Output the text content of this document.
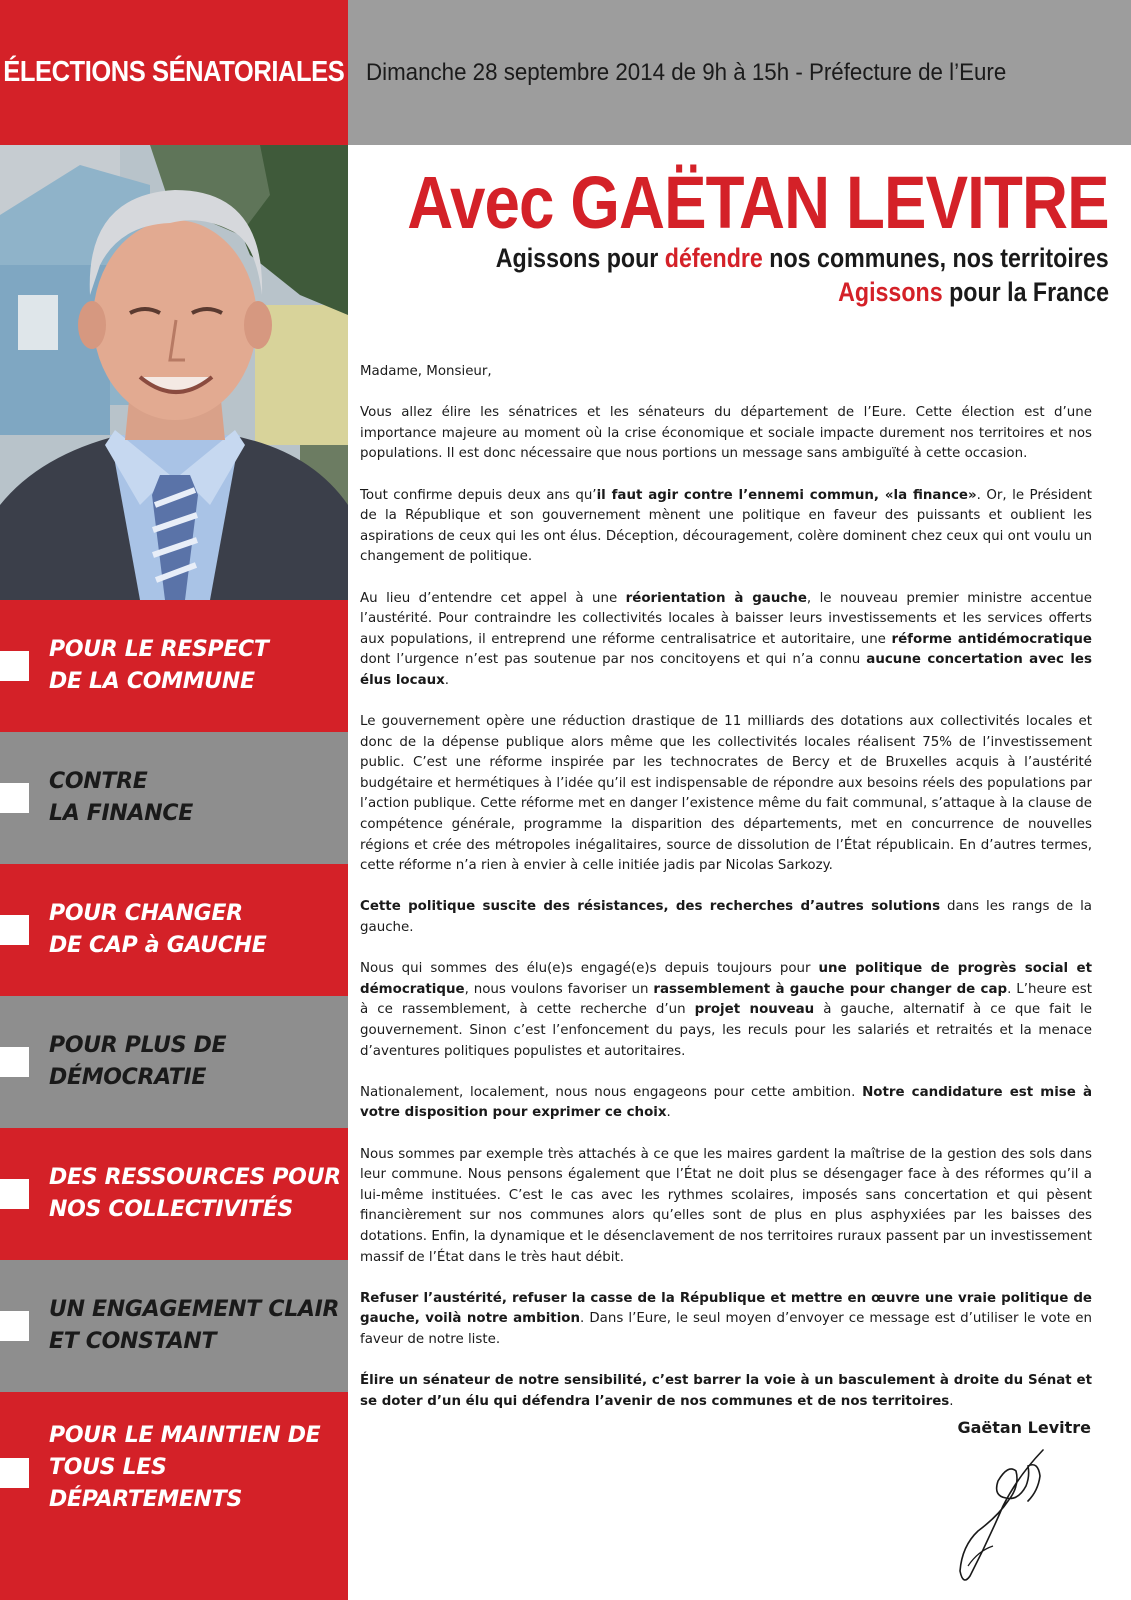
ÉLECTIONS SÉNATORIALES Dimanche 28 septembre 2014 de 9h à 15h - Préfecture de l’Eure
POUR LE RESPECT
DE LA COMMUNE
CONTRE
LA FINANCE
POUR CHANGER
DE CAP à GAUCHE
POUR PLUS DE
DÉMOCRATIE
DES RESSOURCES POUR
NOS COLLECTIVITÉS
UN ENGAGEMENT CLAIR
ET CONSTANT
POUR LE MAINTIEN DE
TOUS LES
DÉPARTEMENTS
Avec GAËTAN LEVITRE
Agissons pour défendre nos communes, nos territoires
Agissons pour la France

Madame, Monsieur,

Vous allez élire les sénatrices et les sénateurs du département de l’Eure. Cette élection est d’une importance majeure au moment où la crise économique et sociale impacte durement nos territoires et nos populations. Il est donc nécessaire que nous portions un message sans ambiguïté à cette occasion.

Tout confirme depuis deux ans qu’il faut agir contre l’ennemi commun, «la finance». Or, le Président de la République et son gouvernement mènent une politique en faveur des puissants et oublient les aspirations de ceux qui les ont élus. Déception, découragement, colère dominent chez ceux qui ont voulu un changement de politique.

Au lieu d’entendre cet appel à une réorientation à gauche, le nouveau premier ministre accentue l’austérité. Pour contraindre les collectivités locales à baisser leurs investissements et les services offerts aux populations, il entreprend une réforme centralisatrice et autoritaire, une réforme antidémocratique dont l’urgence n’est pas soutenue par nos concitoyens et qui n’a connu aucune concertation avec les élus locaux.

Le gouvernement opère une réduction drastique de 11 milliards des dotations aux collectivités locales et donc de la dépense publique alors même que les collectivités locales réalisent 75% de l’investissement public. C’est une réforme inspirée par les technocrates de Bercy et de Bruxelles acquis à l’austérité budgétaire et hermétiques à l’idée qu’il est indispensable de répondre aux besoins réels des populations par l’action publique. Cette réforme met en danger l’existence même du fait communal, s’attaque à la clause de compétence générale, programme la disparition des départements, met en concurrence de nouvelles régions et crée des métropoles inégalitaires, source de dissolution de l’État républicain. En d’autres termes, cette réforme n’a rien à envier à celle initiée jadis par Nicolas Sarkozy.

Cette politique suscite des résistances, des recherches d’autres solutions dans les rangs de la gauche.

Nous qui sommes des élu(e)s engagé(e)s depuis toujours pour une politique de progrès social et démocratique, nous voulons favoriser un rassemblement à gauche pour changer de cap. L’heure est à ce rassemblement, à cette recherche d’un projet nouveau à gauche, alternatif à ce que fait le gouvernement. Sinon c’est l’enfoncement du pays, les reculs pour les salariés et retraités et la menace d’aventures politiques populistes et autoritaires.

Nationalement, localement, nous nous engageons pour cette ambition. Notre candidature est mise à votre disposition pour exprimer ce choix.

Nous sommes par exemple très attachés à ce que les maires gardent la maîtrise de la gestion des sols dans leur commune. Nous pensons également que l’État ne doit plus se désengager face à des réformes qu’il a lui-même instituées. C’est le cas avec les rythmes scolaires, imposés sans concertation et qui pèsent financièrement sur nos communes alors qu’elles sont de plus en plus asphyxiées par les baisses des dotations. Enfin, la dynamique et le désenclavement de nos territoires ruraux passent par un investissement massif de l’État dans le très haut débit.

Refuser l’austérité, refuser la casse de la République et mettre en œuvre une vraie politique de gauche, voilà notre ambition. Dans l’Eure, le seul moyen d’envoyer ce message est d’utiliser le vote en faveur de notre liste.

Élire un sénateur de notre sensibilité, c’est barrer la voie à un basculement à droite du Sénat et se doter d’un élu qui défendra l’avenir de nos communes et de nos territoires.

Gaëtan Levitre
